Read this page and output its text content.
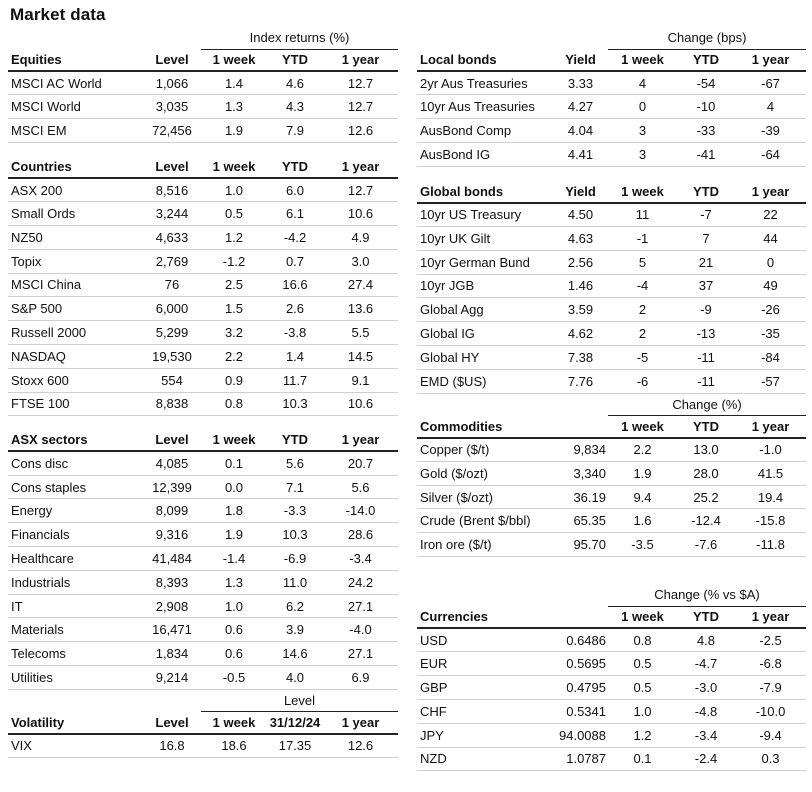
Market data
		Index returns (%)		
Equities	Level	1 week	YTD	1 year
MSCI AC World	1,066	1.4	4.6	12.7
MSCI World	3,035	1.3	4.3	12.7
MSCI EM	72,456	1.9	7.9	12.6
Countries	Level	1 week	YTD	1 year
ASX 200	8,516	1.0	6.0	12.7
Small Ords	3,244	0.5	6.1	10.6
NZ50	4,633	1.2	-4.2	4.9
Topix	2,769	-1.2	0.7	3.0
MSCI China	76	2.5	16.6	27.4
S&P 500	6,000	1.5	2.6	13.6
Russell 2000	5,299	3.2	-3.8	5.5
NASDAQ	19,530	2.2	1.4	14.5
Stoxx 600	554	0.9	11.7	9.1
FTSE 100	8,838	0.8	10.3	10.6
ASX sectors	Level	1 week	YTD	1 year
Cons disc	4,085	0.1	5.6	20.7
Cons staples	12,399	0.0	7.1	5.6
Energy	8,099	1.8	-3.3	-14.0
Financials	9,316	1.9	10.3	28.6
Healthcare	41,484	-1.4	-6.9	-3.4
Industrials	8,393	1.3	11.0	24.2
IT	2,908	1.0	6.2	27.1
Materials	16,471	0.6	3.9	-4.0
Telecoms	1,834	0.6	14.6	27.1
Utilities	9,214	-0.5	4.0	6.9
		Level		
Volatility	Level	1 week	31/12/24	1 year
VIX	16.8	18.6	17.35	12.6
		Change (bps)		
Local bonds	Yield	1 week	YTD	1 year
2yr Aus Treasuries	3.33	4	-54	-67
10yr Aus Treasuries	4.27	0	-10	4
AusBond Comp	4.04	3	-33	-39
AusBond IG	4.41	3	-41	-64
Global bonds	Yield	1 week	YTD	1 year
10yr US Treasury	4.50	11	-7	22
10yr UK Gilt	4.63	-1	7	44
10yr German Bund	2.56	5	21	0
10yr JGB	1.46	-4	37	49
Global Agg	3.59	2	-9	-26
Global IG	4.62	2	-13	-35
Global HY	7.38	-5	-11	-84
EMD ($US)	7.76	-6	-11	-57
		Change (%)		
Commodities		1 week	YTD	1 year
Copper ($/t)	9,834	2.2	13.0	-1.0
Gold ($/ozt)	3,340	1.9	28.0	41.5
Silver ($/ozt)	36.19	9.4	25.2	19.4
Crude (Brent $/bbl)	65.35	1.6	-12.4	-15.8
Iron ore ($/t)	95.70	-3.5	-7.6	-11.8
		Change (% vs $A)		
Currencies		1 week	YTD	1 year
USD	0.6486	0.8	4.8	-2.5
EUR	0.5695	0.5	-4.7	-6.8
GBP	0.4795	0.5	-3.0	-7.9
CHF	0.5341	1.0	-4.8	-10.0
JPY	94.0088	1.2	-3.4	-9.4
NZD	1.0787	0.1	-2.4	0.3
